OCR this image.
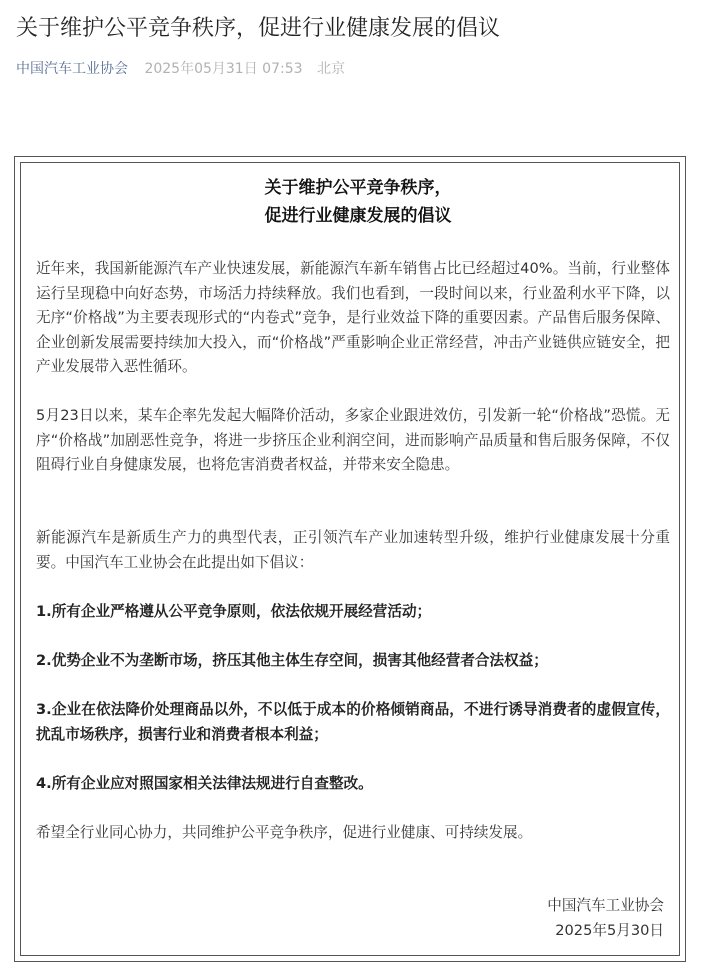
关于维护公平竞争秩序，促进行业健康发展的倡议
中国汽车工业协会 2025年05月31日 07:53 北京
关于维护公平竞争秩序，
促进行业健康发展的倡议

近年来，我国新能源汽车产业快速发展，新能源汽车新车销售占比已经超过40%。当前，行业整体运行呈现稳中向好态势，市场活力持续释放。我们也看到，一段时间以来，行业盈利水平下降，以无序“价格战”为主要表现形式的“内卷式”竞争，是行业效益下降的重要因素。产品售后服务保障、企业创新发展需要持续加大投入，而“价格战”严重影响企业正常经营，冲击产业链供应链安全，把产业发展带入恶性循环。

5月23日以来，某车企率先发起大幅降价活动，多家企业跟进效仿，引发新一轮“价格战”恐慌。无序“价格战”加剧恶性竞争，将进一步挤压企业利润空间，进而影响产品质量和售后服务保障，不仅阻碍行业自身健康发展，也将危害消费者权益，并带来安全隐患。

新能源汽车是新质生产力的典型代表，正引领汽车产业加速转型升级，维护行业健康发展十分重要。中国汽车工业协会在此提出如下倡议：

1.所有企业严格遵从公平竞争原则，依法依规开展经营活动；

2.优势企业不为垄断市场，挤压其他主体生存空间，损害其他经营者合法权益；

3.企业在依法降价处理商品以外，不以低于成本的价格倾销商品，不进行诱导消费者的虚假宣传，扰乱市场秩序，损害行业和消费者根本利益；

4.所有企业应对照国家相关法律法规进行自查整改。

希望全行业同心协力，共同维护公平竞争秩序，促进行业健康、可持续发展。

中国汽车工业协会
2025年5月30日
